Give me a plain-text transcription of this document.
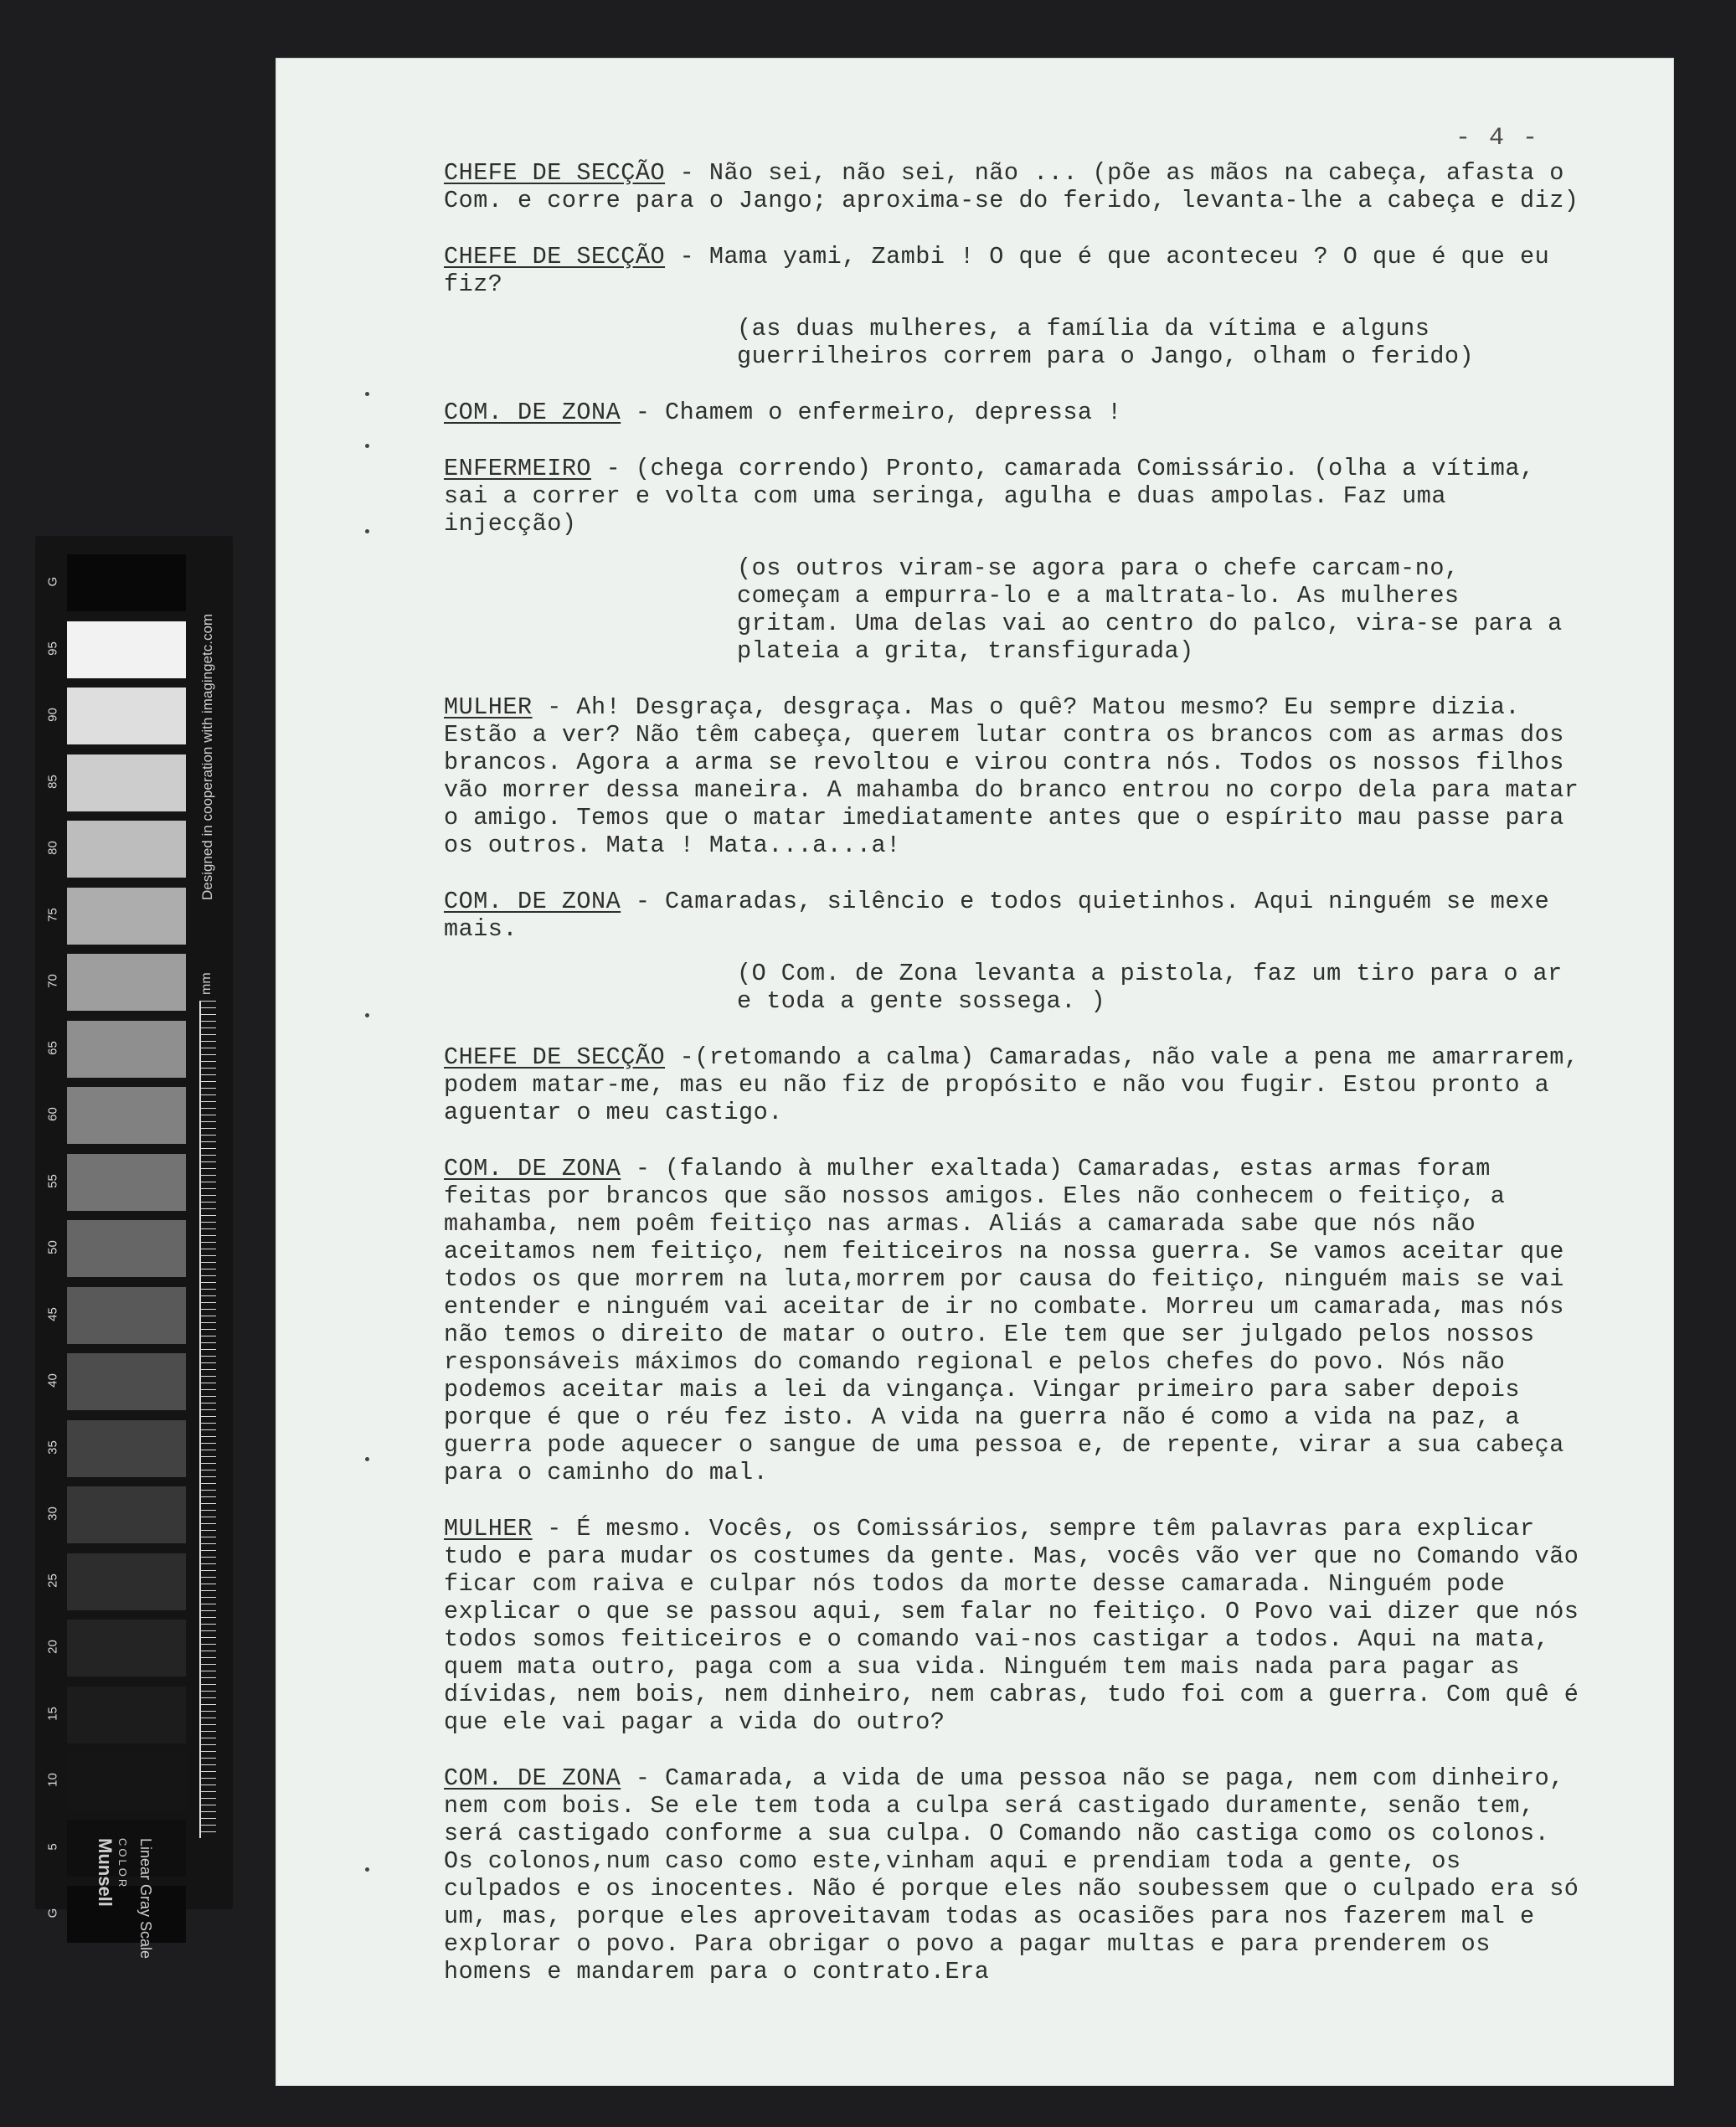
- 4 -
CHEFE DE SECÇÃO - Não sei, não sei, não ... (põe as mãos na cabeça, afasta o Com. e corre para o Jango; aproxima-se do ferido, levanta-lhe a cabeça e diz)
CHEFE DE SECÇÃO - Mama yami, Zambi ! O que é que aconteceu ? O que é que eu fiz?
(as duas mulheres, a família da vítima e alguns guerrilheiros correm para o Jango, olham o ferido)
COM. DE ZONA - Chamem o enfermeiro, depressa !
ENFERMEIRO - (chega correndo) Pronto, camarada Comissário. (olha a vítima, sai a correr e volta com uma seringa, agulha e duas ampolas. Faz uma injecção)
(os outros viram-se agora para o chefe carcam-no, começam a empurra-lo e a maltrata-lo. As mulheres gritam. Uma delas vai ao centro do palco, vira-se para a plateia a grita, transfigurada)
MULHER - Ah! Desgraça, desgraça. Mas o quê? Matou mesmo? Eu sempre dizia. Estão a ver? Não têm cabeça, querem lutar contra os brancos com as armas dos brancos. Agora a arma se revoltou e virou contra nós. Todos os nossos filhos vão morrer dessa maneira. A mahamba do branco entrou no corpo dela para matar o amigo. Temos que o matar imediatamente antes que o espírito mau passe para os outros. Mata ! Mata...a...a!
COM. DE ZONA - Camaradas, silêncio e todos quietinhos. Aqui ninguém se mexe mais.
(O Com. de Zona levanta a pistola, faz um tiro para o ar e toda a gente sossega. )
CHEFE DE SECÇÃO -(retomando a calma) Camaradas, não vale a pena me amarrarem, podem matar-me, mas eu não fiz de propósito e não vou fugir. Estou pronto a aguentar o meu castigo.
COM. DE ZONA - (falando à mulher exaltada) Camaradas, estas armas foram feitas por brancos que são nossos amigos. Eles não conhecem o feitiço, a mahamba, nem poêm feitiço nas armas. Aliás a camarada sabe que nós não aceitamos nem feitiço, nem feiticeiros na nossa guerra. Se vamos aceitar que todos os que morrem na luta,morrem por causa do feitiço, ninguém mais se vai entender e ninguém vai aceitar de ir no combate. Morreu um camarada, mas nós não temos o direito de matar o outro. Ele tem que ser julgado pelos nossos responsáveis máximos do comando regional e pelos chefes do povo. Nós não podemos aceitar mais a lei da vingança. Vingar primeiro para saber depois porque é que o réu fez isto. A vida na guerra não é como a vida na paz, a guerra pode aquecer o sangue de uma pessoa e, de repente, virar a sua cabeça para o caminho do mal.
MULHER - É mesmo. Vocês, os Comissários, sempre têm palavras para explicar tudo e para mudar os costumes da gente. Mas, vocês vão ver que no Comando vão ficar com raiva e culpar nós todos da morte desse camarada. Ninguém pode explicar o que se passou aqui, sem falar no feitiço. O Povo vai dizer que nós todos somos feiticeiros e o comando vai-nos castigar a todos. Aqui na mata, quem mata outro, paga com a sua vida. Ninguém tem mais nada para pagar as dívidas, nem bois, nem dinheiro, nem cabras, tudo foi com a guerra. Com quê é que ele vai pagar a vida do outro?
COM. DE ZONA - Camarada, a vida de uma pessoa não se paga, nem com dinheiro, nem com bois. Se ele tem toda a culpa será castigado duramente, senão tem, será castigado conforme a sua culpa. O Comando não castiga como os colonos. Os colonos,num caso como este,vinham aqui e prendiam toda a gente, os culpados e os inocentes. Não é porque eles não soubessem que o culpado era só um, mas, porque eles aproveitavam todas as ocasiões para nos fazerem mal e explorar o povo. Para obrigar o povo a pagar multas e para prenderem os homens e mandarem para o contrato.Era
G
95
90
85
80
75
70
65
60
55
50
45
40
35
30
25
20
15
10
5
G
Designed in cooperation with imagingetc.com
mm
Linear Gray Scale
COLOR
Munsell
